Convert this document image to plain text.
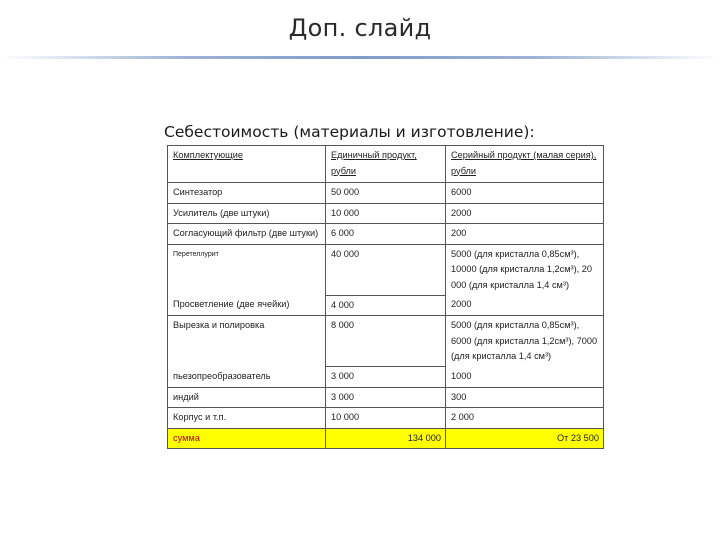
Доп. слайд
Себестоимость (материалы и изготовление):
Комплектующие	Единичный продукт, рубли	Серийный продукт (малая серия), рубли
Синтезатор	50 000	6000
Усилитель (две штуки)	10 000	2000
Согласующий фильтр (две штуки)	6 000	200
Перетеллурит	40 000	5000 (для кристалла 0,85см³), 10000 (для кристалла 1,2см³), 20 000 (для кристалла 1,4 см³)
Просветление (две ячейки)	4 000	2000
Вырезка и полировка	8 000	5000 (для кристалла 0,85см³), 6000 (для кристалла 1,2см³), 7000 (для кристалла 1,4 см³)
пьезопреобразователь	3 000	1000
индий	3 000	300
Корпус и т.п.	10 000	2 000
сумма	134 000	От 23 500
